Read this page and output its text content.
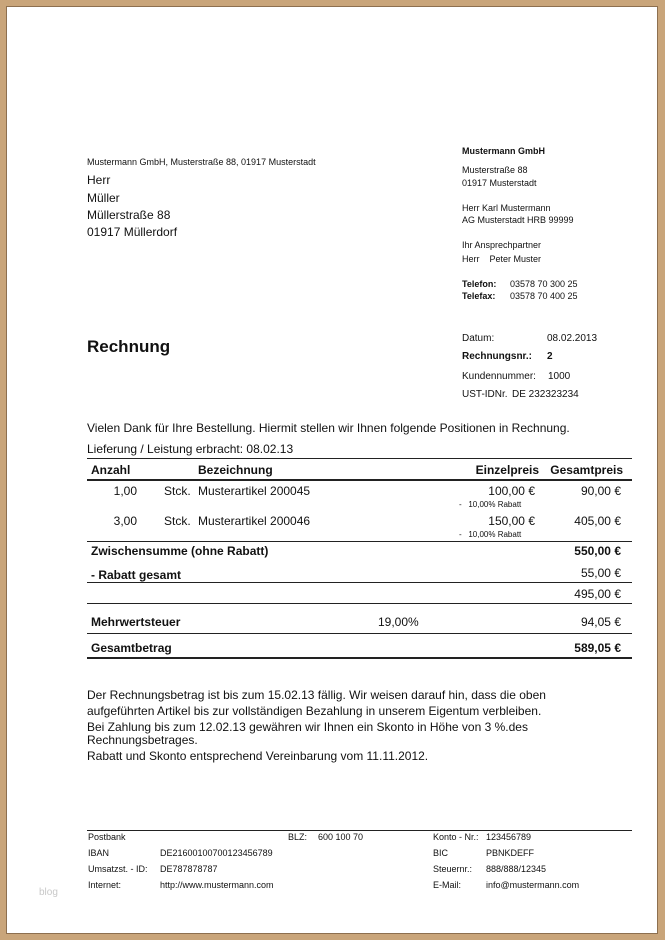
Mustermann GmbH, Musterstraße 88, 01917 Musterstadt
Herr
Müller
Müllerstraße 88
01917 Müllerdorf
Mustermann GmbH
Musterstraße 88
01917 Musterstadt
Herr Karl Mustermann
AG Musterstadt HRB 99999
Ihr Ansprechpartner
Herr    Peter Muster
Telefon: 03578 70 300 25
Telefax: 03578 70 400 25
Rechnung	Datum:	08.02.2013
Rechnungsnr.: 2
Kundennummer: 1000
UST-IDNr. DE 232323234
Vielen Dank für Ihre Bestellung. Hiermit stellen wir Ihnen folgende Positionen in Rechnung.
Lieferung / Leistung erbracht: 08.02.13
Anzahl	Bezeichnung	Einzelpreis Gesamtpreis
1,00 Stck. Musterartikel 200045	100,00 €	90,00 €
-   10,00% Rabatt
3,00 Stck. Musterartikel 200046	150,00 €	405,00 €
-   10,00% Rabatt
Zwischensumme (ohne Rabatt)	550,00 €
- Rabatt gesamt	55,00 €
495,00 €
Mehrwertsteuer	19,00%	94,05 €
Gesamtbetrag	589,05 €
Der Rechnungsbetrag ist bis zum 15.02.13 fällig. Wir weisen darauf hin, dass die oben
aufgeführten Artikel bis zur vollständigen Bezahlung in unserem Eigentum verbleiben.
Bei Zahlung bis zum 12.02.13 gewähren wir Ihnen ein Skonto in Höhe von 3 %.des
Rechnungsbetrages.
Rabatt und Skonto entsprechend Vereinbarung vom 11.11.2012.
Postbank	BLZ: 600 100 70	Konto - Nr.: 123456789
IBAN	DE21600100700123456789	BIC	PBNKDEFF
Umsatzst. - ID: DE787878787	Steuernr.: 888/888/12345
Internet:	http://www.mustermann.com	E-Mail:	info@mustermann.com
blog
